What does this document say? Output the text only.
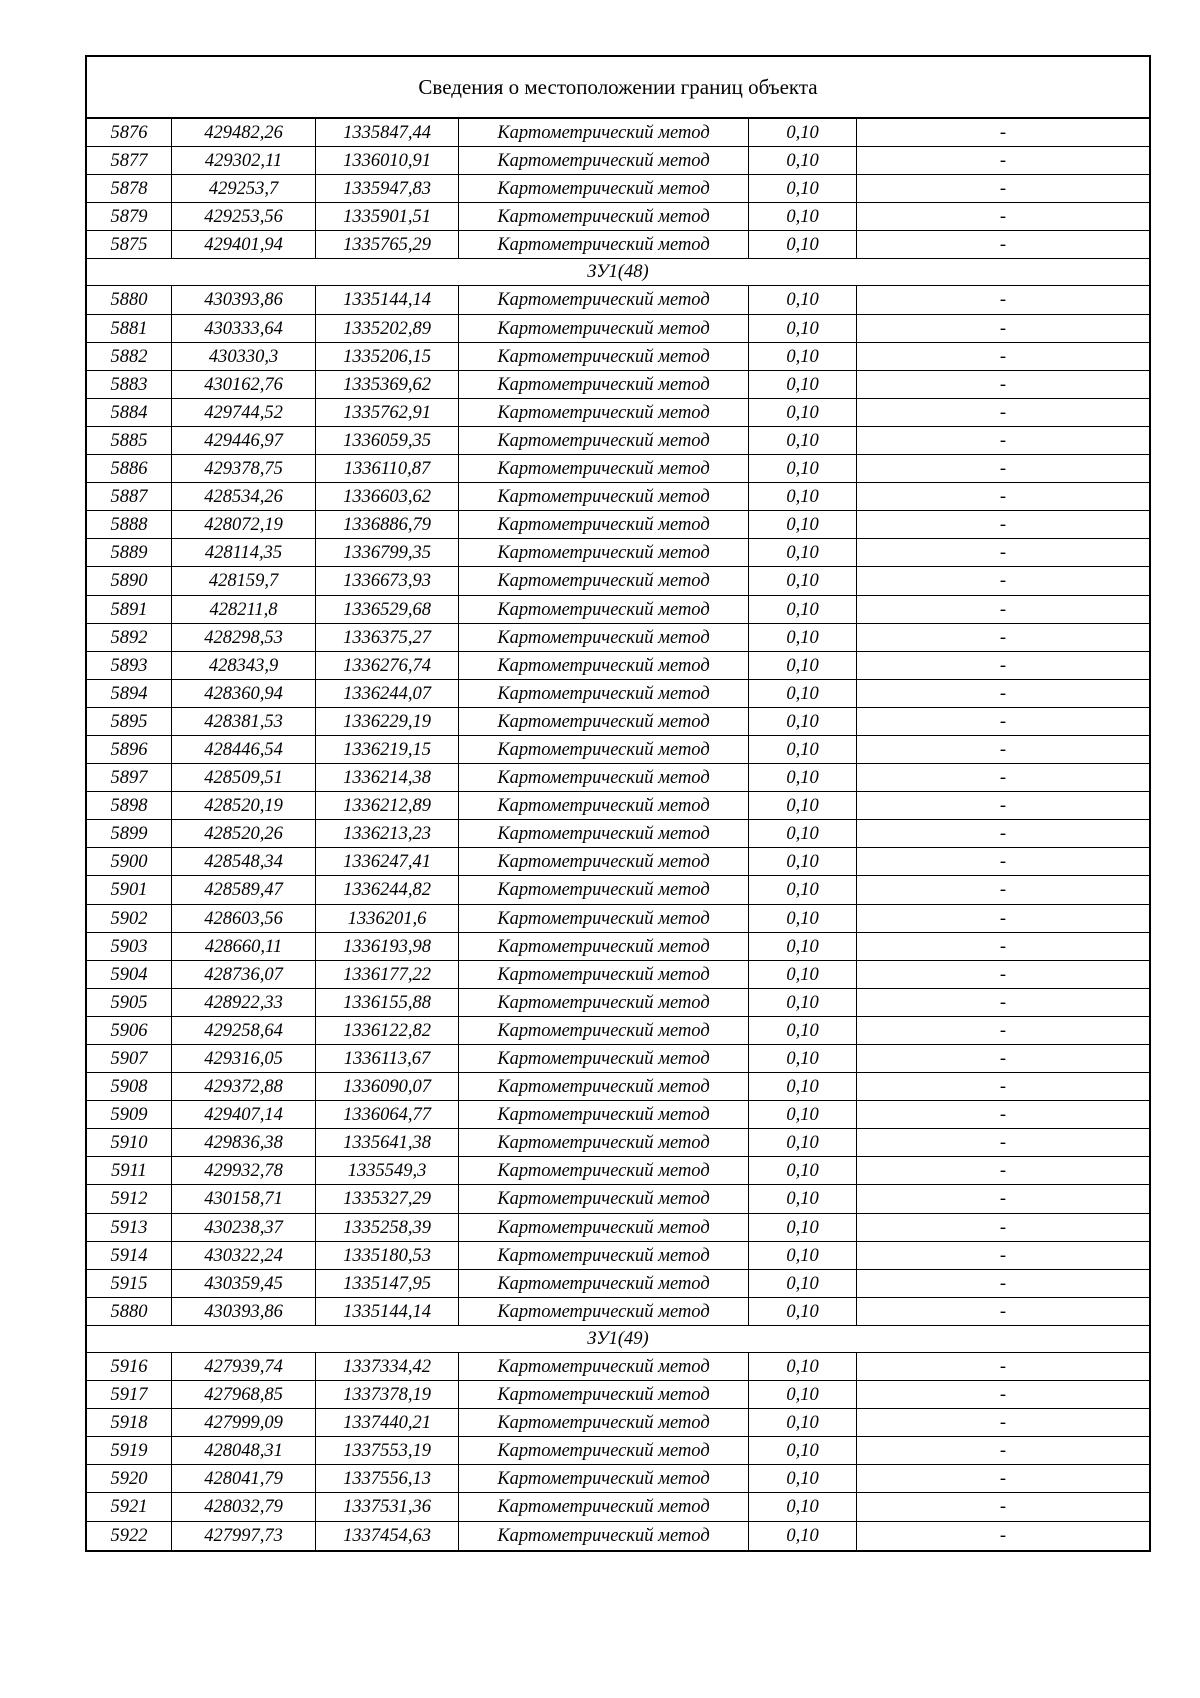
Сведения о местоположении границ объекта
5876	429482,26	1335847,44	Картометрический метод	0,10	-
5877	429302,11	1336010,91	Картометрический метод	0,10	-
5878	429253,7	1335947,83	Картометрический метод	0,10	-
5879	429253,56	1335901,51	Картометрический метод	0,10	-
5875	429401,94	1335765,29	Картометрический метод	0,10	-
ЗУ1(48)
5880	430393,86	1335144,14	Картометрический метод	0,10	-
5881	430333,64	1335202,89	Картометрический метод	0,10	-
5882	430330,3	1335206,15	Картометрический метод	0,10	-
5883	430162,76	1335369,62	Картометрический метод	0,10	-
5884	429744,52	1335762,91	Картометрический метод	0,10	-
5885	429446,97	1336059,35	Картометрический метод	0,10	-
5886	429378,75	1336110,87	Картометрический метод	0,10	-
5887	428534,26	1336603,62	Картометрический метод	0,10	-
5888	428072,19	1336886,79	Картометрический метод	0,10	-
5889	428114,35	1336799,35	Картометрический метод	0,10	-
5890	428159,7	1336673,93	Картометрический метод	0,10	-
5891	428211,8	1336529,68	Картометрический метод	0,10	-
5892	428298,53	1336375,27	Картометрический метод	0,10	-
5893	428343,9	1336276,74	Картометрический метод	0,10	-
5894	428360,94	1336244,07	Картометрический метод	0,10	-
5895	428381,53	1336229,19	Картометрический метод	0,10	-
5896	428446,54	1336219,15	Картометрический метод	0,10	-
5897	428509,51	1336214,38	Картометрический метод	0,10	-
5898	428520,19	1336212,89	Картометрический метод	0,10	-
5899	428520,26	1336213,23	Картометрический метод	0,10	-
5900	428548,34	1336247,41	Картометрический метод	0,10	-
5901	428589,47	1336244,82	Картометрический метод	0,10	-
5902	428603,56	1336201,6	Картометрический метод	0,10	-
5903	428660,11	1336193,98	Картометрический метод	0,10	-
5904	428736,07	1336177,22	Картометрический метод	0,10	-
5905	428922,33	1336155,88	Картометрический метод	0,10	-
5906	429258,64	1336122,82	Картометрический метод	0,10	-
5907	429316,05	1336113,67	Картометрический метод	0,10	-
5908	429372,88	1336090,07	Картометрический метод	0,10	-
5909	429407,14	1336064,77	Картометрический метод	0,10	-
5910	429836,38	1335641,38	Картометрический метод	0,10	-
5911	429932,78	1335549,3	Картометрический метод	0,10	-
5912	430158,71	1335327,29	Картометрический метод	0,10	-
5913	430238,37	1335258,39	Картометрический метод	0,10	-
5914	430322,24	1335180,53	Картометрический метод	0,10	-
5915	430359,45	1335147,95	Картометрический метод	0,10	-
5880	430393,86	1335144,14	Картометрический метод	0,10	-
ЗУ1(49)
5916	427939,74	1337334,42	Картометрический метод	0,10	-
5917	427968,85	1337378,19	Картометрический метод	0,10	-
5918	427999,09	1337440,21	Картометрический метод	0,10	-
5919	428048,31	1337553,19	Картометрический метод	0,10	-
5920	428041,79	1337556,13	Картометрический метод	0,10	-
5921	428032,79	1337531,36	Картометрический метод	0,10	-
5922	427997,73	1337454,63	Картометрический метод	0,10	-
